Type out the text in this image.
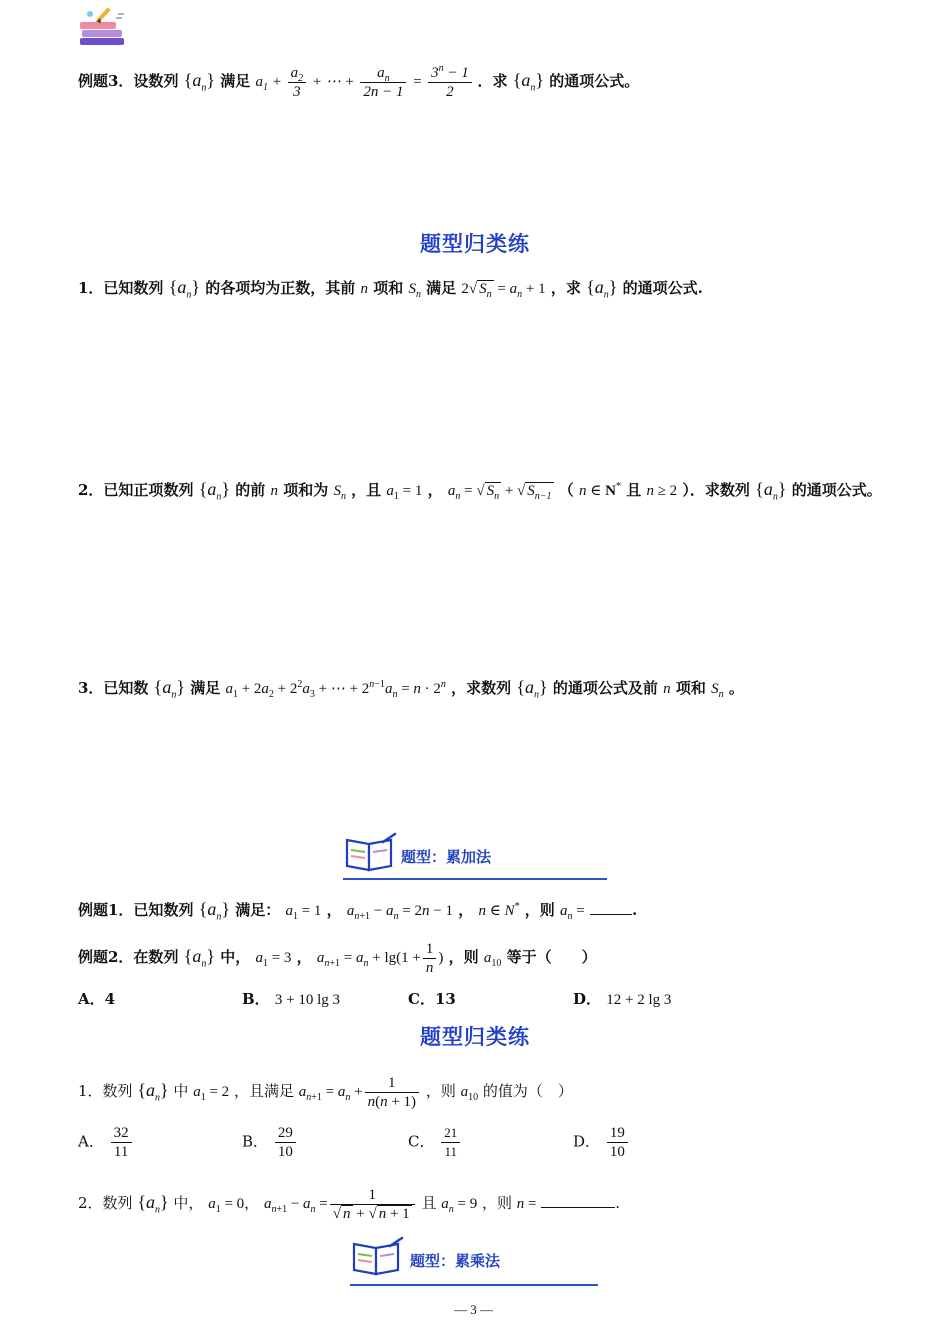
例题3．设数列 $\{a_n\}$ 满足 $a_1 + \frac{a_2}{3}$ + ⋯ + $\frac{a_n}{2n - 1} = \frac{3^n - 1}{2}$ ．求 $\{a_n\}$ 的通项公式。
题型归类练
1．已知数列 $\{a_n\}$ 的各项均为正数，其前 n 项和 $S_n$ 满足 2√ $S_n = a_n + 1$ ，求 $\{a_n\}$ 的通项公式.
2．已知正项数列 $\{a_n\}$ 的前 n 项和为 $S_n$ ，且 $a_1 = 1$ ， $a_n$ = √ $S_n$ + √ $S_{n-1}$ （ n ∈ N* 且 n ≥ 2 ）．求数列 $\{a_n\}$ 的通项公式。
3．已知数 $\{a_n\}$ 满足 $a_1 + 2a_2 + 2^2a_3$ + ⋯ + $2^{n-1}a_n = n \cdot 2^n$ ，求数列 $\{a_n\}$ 的通项公式及前 n 项和 $S_n$ 。
题型：累加法
例题1．已知数列 $\{a_n\}$ 满足： $a_1 = 1$ ， $a_{n+1} - a_n = 2n - 1$ ， n ∈ N* ，则 $a_n$ =	.
例题2．在数列 $\{a_n\}$ 中， $a_1 = 3$ ， $a_{n+1} = a_n + \lg(1 + \frac{1}{n}$ ) ，则 $a_{10}$ 等于（　　）
A．4	B． 3 + 10 lg 3	C．13	D． 12 + 2 lg 3
题型归类练
1．数列 $\{a_n\}$ 中 $a_1 = 2$ ，且满足 $a_{n+1} = a_n + \frac{1}{n(n + 1)}$ ，则 $a_{10}$ 的值为（　）
A． $\frac{32}{11}$	B． $\frac{29}{10}$	C． $\frac{21}{11}$	D． $\frac{19}{10}$
2．数列 $\{a_n\}$ 中， $a_1 = 0$， $a_{n+1} - a_n = \frac{1}{√ n + √ n + 1}$ 且 $a_n = 9$ ，则 n =	.
题型：累乘法
— 3 —
